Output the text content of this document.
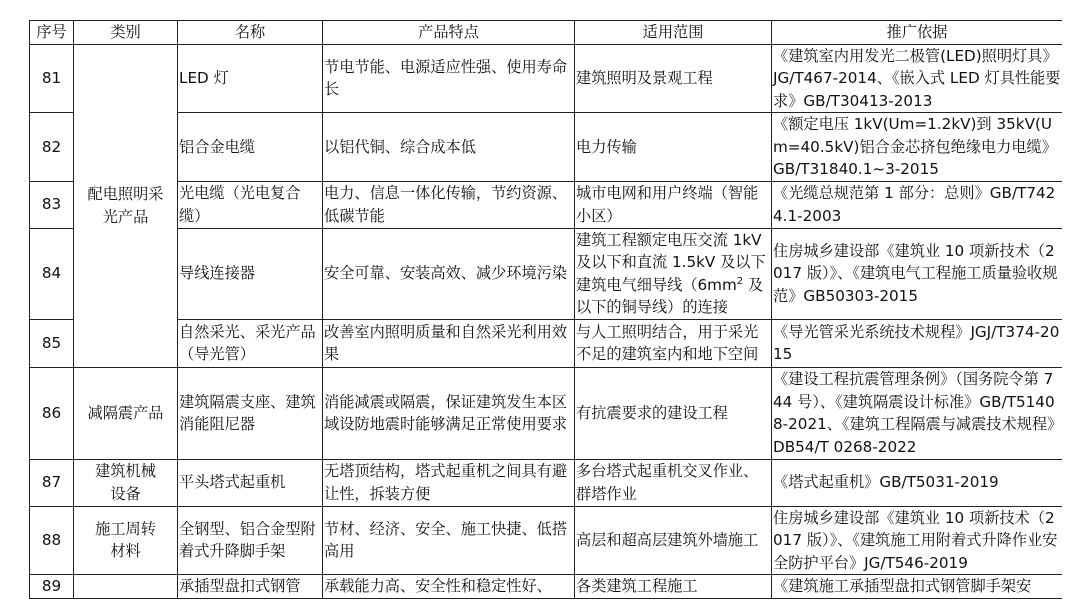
序号	类别	名称	产品特点	适用范围	推广依据
81	配电照明采光产品	LED 灯	节电节能、电源适应性强、使用寿命长	建筑照明及景观工程	《建筑室内用发光二极管(LED)照明灯具》JG/T467-2014、《嵌入式 LED 灯具性能要求》GB/T30413-2013
82		铝合金电缆	以铝代铜、综合成本低	电力传输	《额定电压 1kV(Um=1.2kV)到 35kV(Um=40.5kV)铝合金芯挤包绝缘电力电缆》GB/T31840.1~3-2015
83		光电缆（光电复合缆）	电力、信息一体化传输，节约资源、低碳节能	城市电网和用户终端（智能小区）	《光缆总规范第 1 部分：总则》GB/T7424.1-2003
84		导线连接器	安全可靠、安装高效、减少环境污染	建筑工程额定电压交流 1kV 及以下和直流 1.5kV 及以下建筑电气细导线（$6mm^2$ 及以下的铜导线）的连接	住房城乡建设部《建筑业 10 项新技术（2017 版）》、《建筑电气工程施工质量验收规范》GB50303-2015
85		自然采光、采光产品（导光管）	改善室内照明质量和自然采光利用效果	与人工照明结合，用于采光不足的建筑室内和地下空间	《导光管采光系统技术规程》JGJ/T374-2015
86	减隔震产品	建筑隔震支座、建筑消能阻尼器	消能减震或隔震，保证建筑发生本区域设防地震时能够满足正常使用要求	有抗震要求的建设工程	《建设工程抗震管理条例》（国务院令第 744 号）、《建筑隔震设计标准》GB/T51408-2021、《建筑工程隔震与减震技术规程》DB54/T 0268-2022
87	建筑机械设备	平头塔式起重机	无塔顶结构，塔式起重机之间具有避让性，拆装方便	多台塔式起重机交叉作业、群塔作业	《塔式起重机》GB/T5031-2019
88	施工周转材料	全钢型、铝合金型附着式升降脚手架	节材、经济、安全、施工快捷、低搭高用	高层和超高层建筑外墙施工	住房城乡建设部《建筑业 10 项新技术（2017 版）》、《建筑施工用附着式升降作业安全防护平台》JG/T546-2019
89		承插型盘扣式钢管	承载能力高、安全性和稳定性好、	各类建筑工程施工	《建筑施工承插型盘扣式钢管脚手架安
